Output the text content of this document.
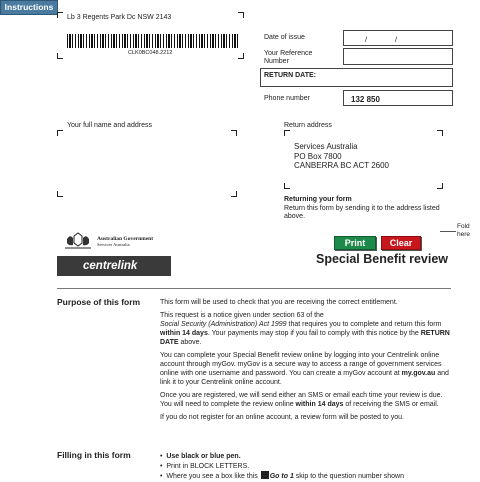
Instructions
Lb 3 Regents Park Dc NSW 2143
CLK0BC048.2212
Date of issue	/	/
Your Reference
Number
RETURN DATE:
Phone number	132 850
Your full name and address	Return address
Services Australia
PO Box 7800
CANBERRA BC ACT 2600
Returning your form
Return this form by sending it to the address listed above.
Fold
here
Australian Government
Services Australia
centrelink
Print	Clear
Special Benefit review
Purpose of this form	This form will be used to check that you are receiving the correct entitlement.

This request is a notice given under section 63 of the
Social Security (Administration) Act 1999 that requires you to complete and return this form within 14 days. Your payments may stop if you fail to comply with this notice by the RETURN DATE above.

You can complete your Special Benefit review online by logging into your Centrelink online account through myGov. myGov is a secure way to access a range of government services online with one username and password. You can create a myGov account at my.gov.au and link it to your Centrelink online account.

Once you are registered, we will send either an SMS or email each time your review is due. You will need to complete the review online within 14 days of receiving the SMS or email.

If you do not register for an online account, a review form will be posted to you.

Filling in this form	•  Use black or blue pen.
•  Print in BLOCK LETTERS.
•  Where you see a box like this Go to 1 skip to the question number shown
